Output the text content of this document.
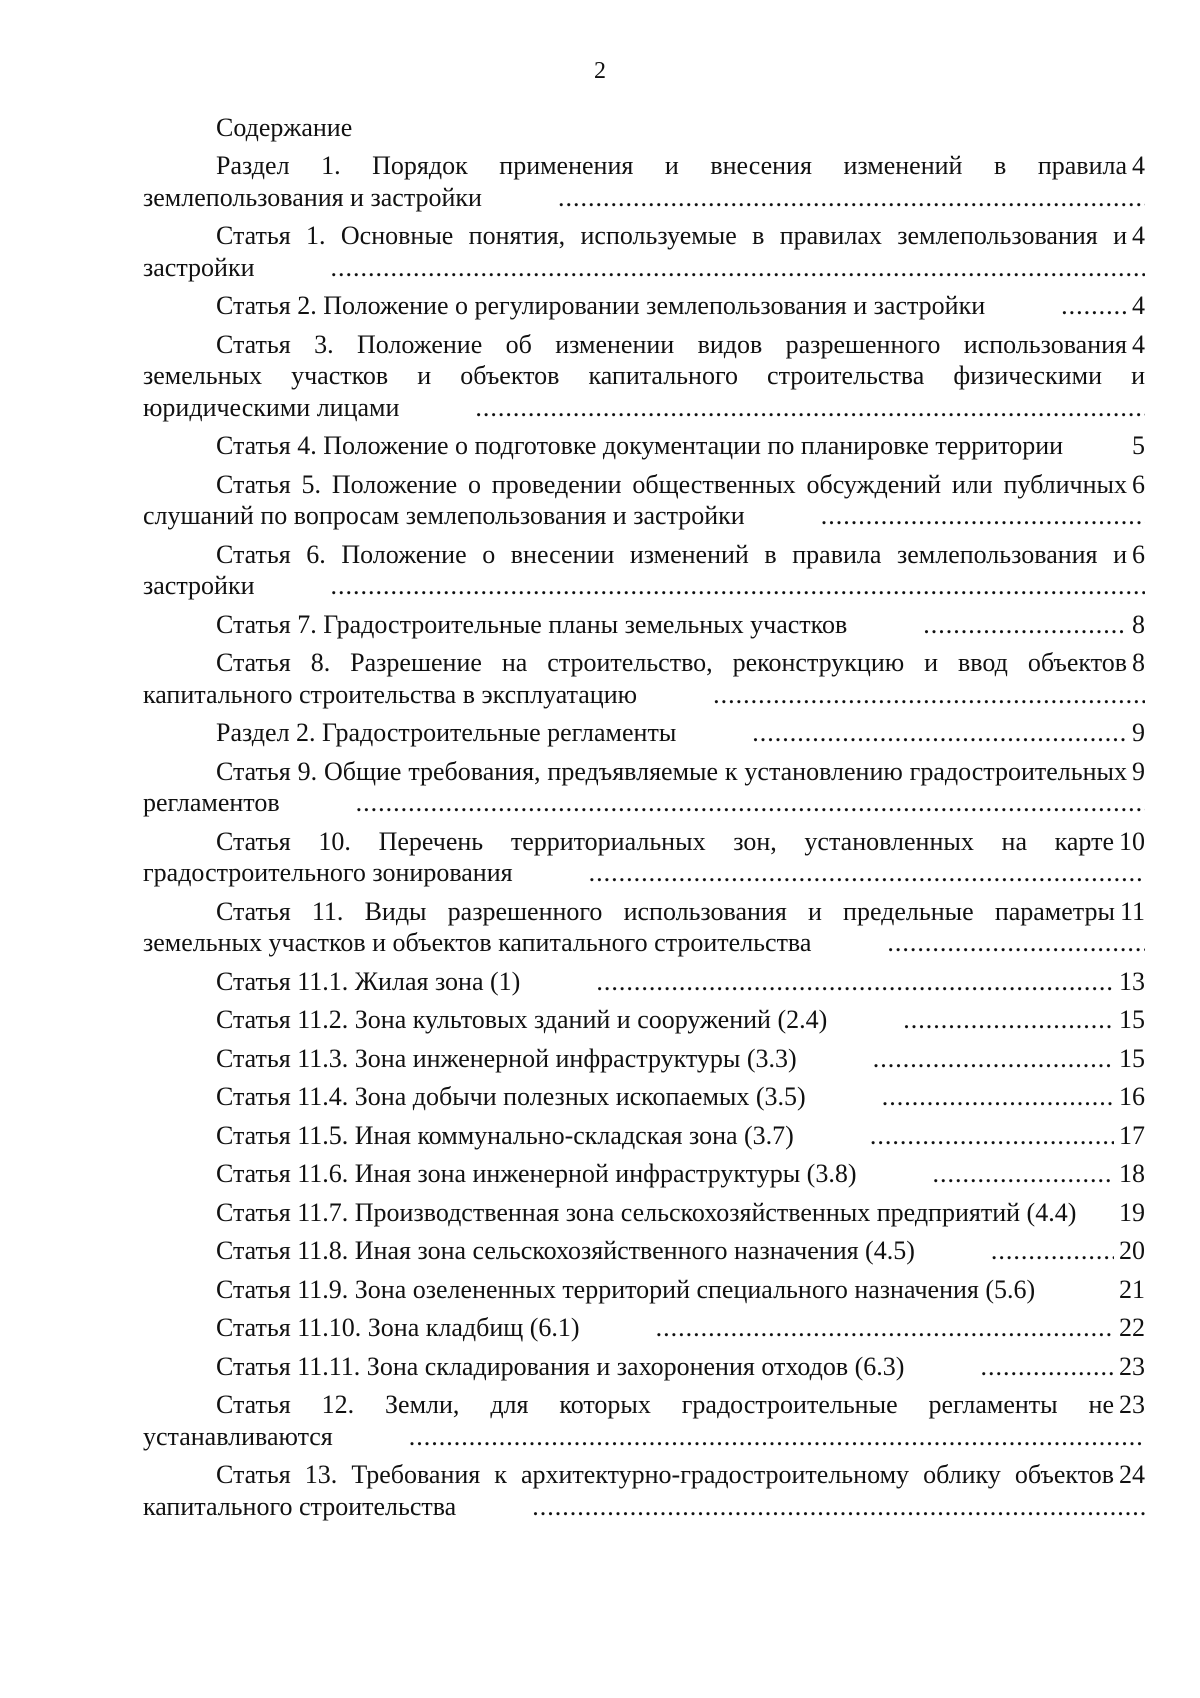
2
Содержание
4
Раздел 1. Порядок применения и внесения изменений в правила землепользования и застройки .....
4
Статья 1. Основные понятия, используемые в правилах землепользования и застройки .....
4
Статья 2. Положение о регулировании землепользования и застройки .....
4
Статья 3. Положение об изменении видов разрешенного использования земельных участков и объектов капитального строительства физическими и юридическими лицами .....
5
Статья 4. Положение о подготовке документации по планировке территории
6
Статья 5. Положение о проведении общественных обсуждений или публичных слушаний по вопросам землепользования и застройки .....
6
Статья 6. Положение о внесении изменений в правила землепользования и застройки .....
8
Статья 7. Градостроительные планы земельных участков .....
8
Статья 8. Разрешение на строительство, реконструкцию и ввод объектов капитального строительства в эксплуатацию .....
9
Раздел 2. Градостроительные регламенты .....
9
Статья 9. Общие требования, предъявляемые к установлению градостроительных регламентов .....
10
Статья 10. Перечень территориальных зон, установленных на карте градостроительного зонирования .....
11
Статья 11. Виды разрешенного использования и предельные параметры земельных участков и объектов капитального строительства .....
13
Статья 11.1. Жилая зона (1) .....
15
Статья 11.2. Зона культовых зданий и сооружений (2.4) .....
15
Статья 11.3. Зона инженерной инфраструктуры (3.3) .....
16
Статья 11.4. Зона добычи полезных ископаемых (3.5) .....
17
Статья 11.5. Иная коммунально-складская зона (3.7) .....
18
Статья 11.6. Иная зона инженерной инфраструктуры (3.8) .....
19
Статья 11.7. Производственная зона сельскохозяйственных предприятий (4.4) .....
20
Статья 11.8. Иная зона сельскохозяйственного назначения (4.5) .....
21
Статья 11.9. Зона озелененных территорий специального назначения (5.6)
22
Статья 11.10. Зона кладбищ (6.1) .....
23
Статья 11.11. Зона складирования и захоронения отходов (6.3) .....
23
Статья 12. Земли, для которых градостроительные регламенты не устанавливаются .....
24
Статья 13. Требования к архитектурно-градостроительному облику объектов капитального строительства .....
